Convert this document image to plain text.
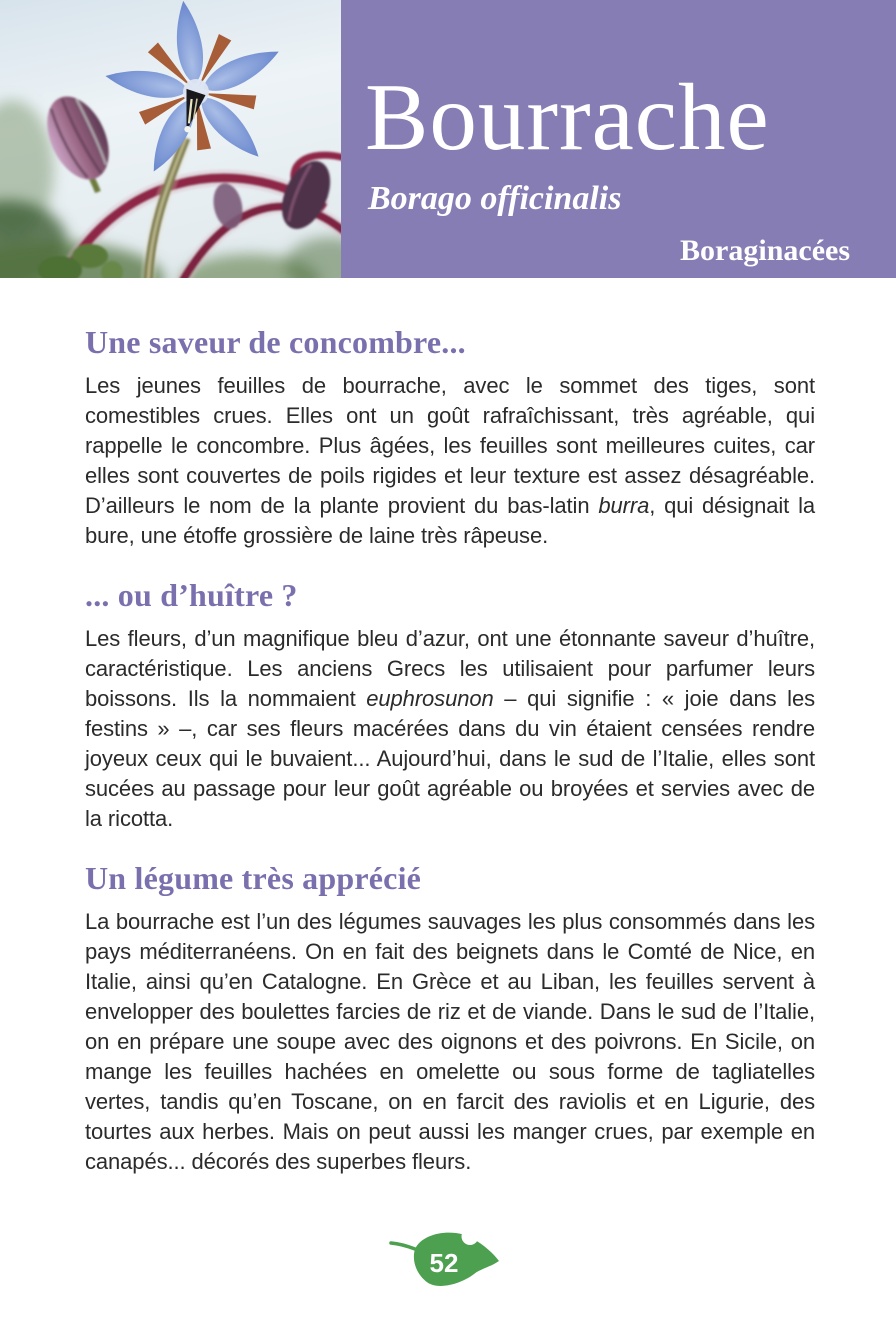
Bourrache
Borago officinalis
Boraginacées
Une saveur de concombre...

Les jeunes feuilles de bourrache, avec le sommet des tiges, sont comestibles crues. Elles ont un goût rafraîchissant, très agréable, qui rappelle le concombre. Plus âgées, les feuilles sont meilleures cuites, car elles sont couvertes de poils rigides et leur texture est assez désagréable. D’ailleurs le nom de la plante provient du bas-latin burra, qui désignait la bure, une étoffe grossière de laine très râpeuse.

... ou d’huître ?

Les fleurs, d’un magnifique bleu d’azur, ont une étonnante saveur d’huître, caractéristique. Les anciens Grecs les utilisaient pour parfumer leurs boissons. Ils la nommaient euphrosunon – qui signifie : « joie dans les festins » –, car ses fleurs macérées dans du vin étaient censées rendre joyeux ceux qui le buvaient... Aujourd’hui, dans le sud de l’Italie, elles sont sucées au passage pour leur goût agréable ou broyées et servies avec de la ricotta.

Un légume très apprécié

La bourrache est l’un des légumes sauvages les plus consommés dans les pays méditerranéens. On en fait des beignets dans le Comté de Nice, en Italie, ainsi qu’en Catalogne. En Grèce et au Liban, les feuilles servent à envelopper des boulettes farcies de riz et de viande. Dans le sud de l’Italie, on en prépare une soupe avec des oignons et des poivrons. En Sicile, on mange les feuilles hachées en omelette ou sous forme de tagliatelles vertes, tandis qu’en Toscane, on en farcit des raviolis et en Ligurie, des tourtes aux herbes. Mais on peut aussi les manger crues, par exemple en canapés... décorés des superbes fleurs.

52
